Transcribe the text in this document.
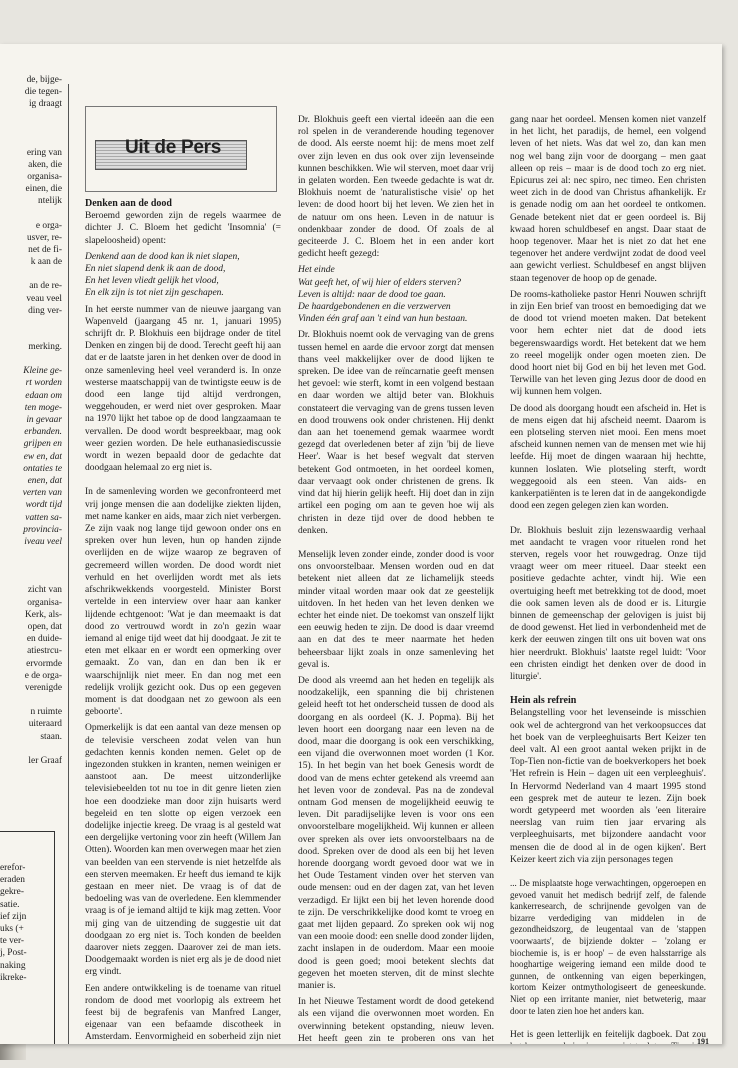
de, bijge-
die tegen-
ig draagt
ering van
aken, die
organisa-
einen, die
ntelijk
e orga-
usver, re-
net de fi-
k aan de
an de re-
veau veel
ding ver-
merking.
Kleine ge-
rt worden
edaan om
ten moge-
in gevaar
erbanden.
grijpen en
ew en, dat
ontaties te
enen, dat
verten van
wordt tijd
vatten sa-
provincia-
iveau veel
zicht van
organisa-
Kerk, als-
open, dat
en duide-
atiestrcu-
ervormde
e de orga-
verenigde
n ruimte
uiteraard
staan.
ler Graaf
erefor-
eraden
gekre-
satie.
ief zijn
uks (+
te ver-
j, Post-
naking
ikreke-
Uit de Pers
Denken aan de dood

Beroemd geworden zijn de regels waarmee de dichter J. C. Bloem het gedicht 'Insomnia' (= slapeloosheid) opent:

Denkend aan de dood kan ik niet slapen,
En niet slapend denk ik aan de dood,
En het leven vliedt gelijk het vlood,
En elk zijn is tot niet zijn geschapen.

In het eerste nummer van de nieuwe jaargang van Wapenveld (jaargang 45 nr. 1, januari 1995) schrijft dr. P. Blokhuis een bijdrage onder de titel Denken en zingen bij de dood. Terecht geeft hij aan dat er de laatste jaren in het denken over de dood in onze samenleving heel veel veranderd is. In onze westerse maatschappij van de twintigste eeuw is de dood een lange tijd altijd verdrongen, weggehouden, er werd niet over gesproken. Maar na 1970 lijkt het taboe op de dood langzaamaan te vervallen. De dood wordt bespreekbaar, mag ook weer gezien worden. De hele euthanasiediscussie wordt in wezen bepaald door de gedachte dat doodgaan helemaal zo erg niet is.

In de samenleving worden we geconfronteerd met vrij jonge mensen die aan dodelijke ziekten lijden, met name kanker en aids, maar zich niet verbergen. Ze zijn vaak nog lange tijd gewoon onder ons en spreken over hun leven, hun op handen zijnde overlijden en de wijze waarop ze begraven of gecremeerd willen worden. De dood wordt niet verhuld en het overlijden wordt met als iets afschrikwekkends voorgesteld. Minister Borst vertelde in een interview over haar aan kanker lijdende echtgenoot: 'Wat je dan meemaakt is dat dood zo vertrouwd wordt in zo'n gezin waar iemand al enige tijd weet dat hij doodgaat. Je zit te eten met elkaar en er wordt een opmerking over gemaakt. Zo van, dan en dan ben ik er waarschijnlijk niet meer. En dan nog met een redelijk vrolijk gezicht ook. Dus op een gegeven moment is dat doodgaan net zo gewoon als een geboorte'.

Opmerkelijk is dat een aantal van deze mensen op de televisie verscheen zodat velen van hun gedachten kennis konden nemen. Gelet op de ingezonden stukken in kranten, nemen weinigen er aanstoot aan. De meest uitzonderlijke televisiebeelden tot nu toe in dit genre lieten zien hoe een doodzieke man door zijn huisarts werd begeleid en ten slotte op eigen verzoek een dodelijke injectie kreeg. De vraag is al gesteld wat een dergelijke vertoning voor zin heeft (Willem Jan Otten). Woorden kan men overwegen maar het zien van beelden van een stervende is niet hetzelfde als een sterven meemaken. Er heeft dus iemand te kijk gestaan en meer niet. De vraag is of dat de bedoeling was van de overledene. Een klemmender vraag is of je iemand altijd te kijk mag zetten. Voor mij ging van de uitzending de suggestie uit dat doodgaan zo erg niet is. Toch konden de beelden daarover niets zeggen. Daarover zei de man iets. Doodgemaakt worden is niet erg als je de dood niet erg vindt.

Een andere ontwikkeling is de toename van rituel rondom de dood met voorlopig als extreem het feest bij de begrafenis van Manfred Langer, eigenaar van een befaamde discotheek in Amsterdam. Eenvormigheid en soberheid zijn niet

Dr. Blokhuis geeft een viertal ideeën aan die een rol spelen in de veranderende houding tegenover de dood. Als eerste noemt hij: de mens moet zelf over zijn leven en dus ook over zijn levenseinde kunnen beschikken. Wie wil sterven, moet daar vrij in gelaten worden. Een tweede gedachte is wat dr. Blokhuis noemt de 'naturalistische visie' op het leven: de dood hoort bij het leven. We zien het in de natuur om ons heen. Leven in de natuur is ondenkbaar zonder de dood. Of zoals de al geciteerde J. C. Bloem het in een ander kort gedicht heeft gezegd:

Het einde
Wat geeft het, of wij hier of elders sterven?
Leven is altijd: naar de dood toe gaan.
De haardgebondenen en die verzwerven
Vinden één graf aan 't eind van hun bestaan.

Dr. Blokhuis noemt ook de vervaging van de grens tussen hemel en aarde die ervoor zorgt dat mensen thans veel makkelijker over de dood lijken te spreken. De idee van de reïncarnatie geeft mensen het gevoel: wie sterft, komt in een volgend bestaan en daar worden we altijd beter van. Blokhuis constateert die vervaging van de grens tussen leven en dood trouwens ook onder christenen. Hij denkt dan aan het toenemend gemak waarmee wordt gezegd dat overledenen beter af zijn 'bij de lieve Heer'. Waar is het besef wegvalt dat sterven betekent God ontmoeten, in het oordeel komen, daar vervaagt ook onder christenen de grens. Ik vind dat hij hierin gelijk heeft. Hij doet dan in zijn artikel een poging om aan te geven hoe wij als christen in deze tijd over de dood hebben te denken.

Menselijk leven zonder einde, zonder dood is voor ons onvoorstelbaar. Mensen worden oud en dat betekent niet alleen dat ze lichamelijk steeds minder vitaal worden maar ook dat ze geestelijk uitdoven. In het heden van het leven denken we echter het einde niet. De toekomst van onszelf lijkt een eeuwig heden te zijn. De dood is daar vreemd aan en dat des te meer naarmate het heden beheersbaar lijkt zoals in onze samenleving het geval is.

De dood als vreemd aan het heden en tegelijk als noodzakelijk, een spanning die bij christenen geleid heeft tot het onderscheid tussen de dood als doorgang en als oordeel (K. J. Popma). Bij het leven hoort een doorgang naar een leven na de dood, maar die doorgang is ook een verschikking, een vijand die overwonnen moet worden (1 Kor. 15). In het begin van het boek Genesis wordt de dood van de mens echter getekend als vreemd aan het leven voor de zondeval. Pas na de zondeval ontnam God mensen de mogelijkheid eeuwig te leven. Dit paradijselijke leven is voor ons een onvoorstelbare mogelijkheid. Wij kunnen er alleen over spreken als over iets onvoorstelbaars na de dood. Spreken over de dood als een bij het leven horende doorgang wordt gevoed door wat we in het Oude Testament vinden over het sterven van oude mensen: oud en der dagen zat, van het leven verzadigd. Er lijkt een bij het leven horende dood te zijn. De verschrikkelijke dood komt te vroeg en gaat met lijden gepaard. Zo spreken ook wij nog van een mooie dood: een snelle dood zonder lijden, zacht inslapen in de ouderdom. Maar een mooie dood is geen goed; mooi betekent slechts dat gegeven het moeten sterven, dit de minst slechte manier is.

In het Nieuwe Testament wordt de dood getekend als een vijand die overwonnen moet worden. En overwinning betekent opstanding, nieuw leven. Het heeft geen zin te proberen ons van het

gang naar het oordeel. Mensen komen niet vanzelf in het licht, het paradijs, de hemel, een volgend leven of het niets. Was dat wel zo, dan kan men nog wel bang zijn voor de doorgang – men gaat alleen op reis – maar is de dood toch zo erg niet. Epicurus zei al: nec spiro, nec timeo. Een christen weet zich in de dood van Christus afhankelijk. Er is genade nodig om aan het oordeel te ontkomen. Genade betekent niet dat er geen oordeel is. Bij kwaad horen schuldbesef en angst. Daar staat de hoop tegenover. Maar het is niet zo dat het ene tegenover het andere verdwijnt zodat de dood veel aan gewicht verliest. Schuldbesef en angst blijven staan tegenover de hoop op de genade.

De rooms-katholieke pastor Henri Nouwen schrijft in zijn Een brief van troost en bemoediging dat we de dood tot vriend moeten maken. Dat betekent voor hem echter niet dat de dood iets begerenswaardigs wordt. Het betekent dat we hem zo reeel mogelijk onder ogen moeten zien. De dood hoort niet bij God en bij het leven met God. Terwille van het leven ging Jezus door de dood en wij kunnen hem volgen.

De dood als doorgang houdt een afscheid in. Het is de mens eigen dat hij afscheid neemt. Daarom is een plotseling sterven niet mooi. Een mens moet afscheid kunnen nemen van de mensen met wie hij leefde. Hij moet de dingen waaraan hij hechtte, kunnen loslaten. Wie plotseling sterft, wordt weggegooid als een steen. Van aids- en kankerpatiënten is te leren dat in de aangekondigde dood een zegen gelegen zien kan worden.

Dr. Blokhuis besluit zijn lezenswaardig verhaal met aandacht te vragen voor rituelen rond het sterven, regels voor het rouwgedrag. Onze tijd vraagt weer om meer ritueel. Daar steekt een positieve gedachte achter, vindt hij. Wie een overtuiging heeft met betrekking tot de dood, moet die ook samen leven als de dood er is. Liturgie binnen de gemeenschap der gelovigen is juist bij de dood gewenst. Het lied in verbondenheid met de kerk der eeuwen zingen tilt ons uit boven wat ons hier neerdrukt. Blokhuis' laatste regel luidt: 'Voor een christen eindigt het denken over de dood in liturgie'.

Hein als refrein

Belangstelling voor het levenseinde is misschien ook wel de achtergrond van het verkoopsucces dat het boek van de verpleeghuisarts Bert Keizer ten deel valt. Al een groot aantal weken prijkt in de Top-Tien non-fictie van de boekverkopers het boek 'Het refrein is Hein – dagen uit een verpleeghuis'. In Hervormd Nederland van 4 maart 1995 stond een gesprek met de auteur te lezen. Zijn boek wordt getypeerd met woorden als 'een literaire neerslag van ruim tien jaar ervaring als verpleeghuisarts, met bijzondere aandacht voor mensen die de dood al in de ogen kijken'. Bert Keizer keert zich via zijn personages tegen

... De misplaatste hoge verwachtingen, opgeroepen en gevoed vanuit het medisch bedrijf zelf, de falende kankerresearch, de schrijnende gevolgen van de bizarre verdediging van middelen in de gezondheidszorg, de leugentaal van de 'stappen voorwaarts', de bijziende dokter – 'zolang er biochemie is, is er hoop' – de even halsstarrige als hooghartige weigering iemand een milde dood te gunnen, de ontkenning van eigen beperkingen, kortom Keizer ontmythologiseert de geneeskunde. Niet op een irritante manier, niet betweterig, maar door te laten zien hoe het anders kan.

Het is geen letterlijk en feitelijk dagboek. Dat zou

191
